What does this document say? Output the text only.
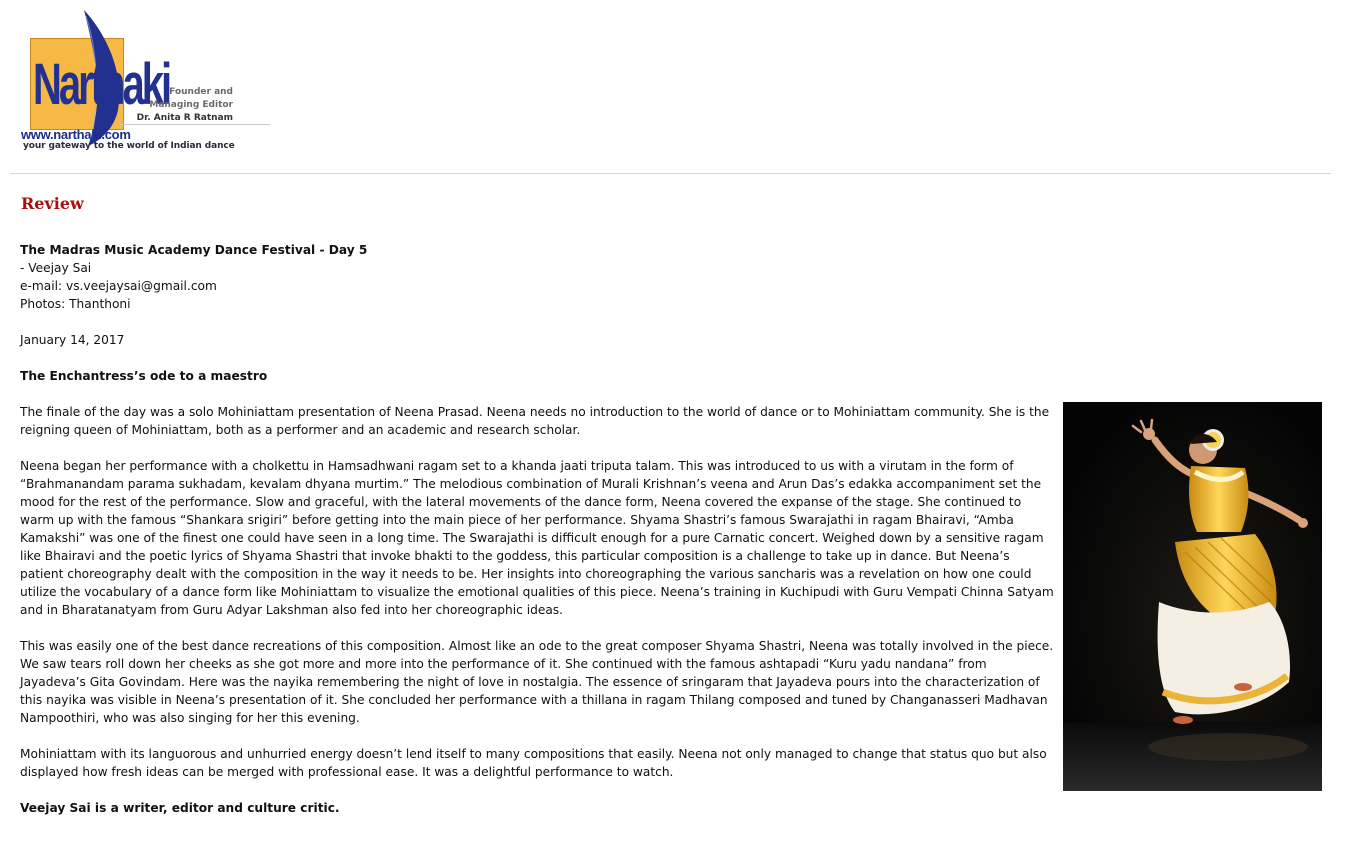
Narthaki
www.narthaki.com
your gateway to the world of Indian dance
Founder and
Managing Editor
Dr. Anita R Ratnam
Review

The Madras Music Academy Dance Festival - Day 5
- Veejay Sai
e-mail: vs.veejaysai@gmail.com
Photos: Thanthoni

January 14, 2017

The Enchantress’s ode to a maestro

The finale of the day was a solo Mohiniattam presentation of Neena Prasad. Neena needs no introduction to the world of dance or to Mohiniattam community. She is the reigning queen of Mohiniattam, both as a performer and an academic and research scholar.

Neena began her performance with a cholkettu in Hamsadhwani ragam set to a khanda jaati triputa talam. This was introduced to us with a virutam in the form of “Brahmanandam parama sukhadam, kevalam dhyana murtim.” The melodious combination of Murali Krishnan’s veena and Arun Das’s edakka accompaniment set the mood for the rest of the performance. Slow and graceful, with the lateral movements of the dance form, Neena covered the expanse of the stage. She continued to warm up with the famous “Shankara srigiri” before getting into the main piece of her performance. Shyama Shastri’s famous Swarajathi in ragam Bhairavi, “Amba Kamakshi” was one of the finest one could have seen in a long time. The Swarajathi is difficult enough for a pure Carnatic concert. Weighed down by a sensitive ragam like Bhairavi and the poetic lyrics of Shyama Shastri that invoke bhakti to the goddess, this particular composition is a challenge to take up in dance. But Neena’s patient choreography dealt with the composition in the way it needs to be. Her insights into choreographing the various sancharis was a revelation on how one could utilize the vocabulary of a dance form like Mohiniattam to visualize the emotional qualities of this piece. Neena’s training in Kuchipudi with Guru Vempati Chinna Satyam and in Bharatanatyam from Guru Adyar Lakshman also fed into her choreographic ideas.

This was easily one of the best dance recreations of this composition. Almost like an ode to the great composer Shyama Shastri, Neena was totally involved in the piece. We saw tears roll down her cheeks as she got more and more into the performance of it. She continued with the famous ashtapadi “Kuru yadu nandana” from Jayadeva’s Gita Govindam. Here was the nayika remembering the night of love in nostalgia. The essence of sringaram that Jayadeva pours into the characterization of this nayika was visible in Neena’s presentation of it. She concluded her performance with a thillana in ragam Thilang composed and tuned by Changanasseri Madhavan Nampoothiri, who was also singing for her this evening.

Mohiniattam with its languorous and unhurried energy doesn’t lend itself to many compositions that easily. Neena not only managed to change that status quo but also displayed how fresh ideas can be merged with professional ease. It was a delightful performance to watch.

Veejay Sai is a writer, editor and culture critic.
